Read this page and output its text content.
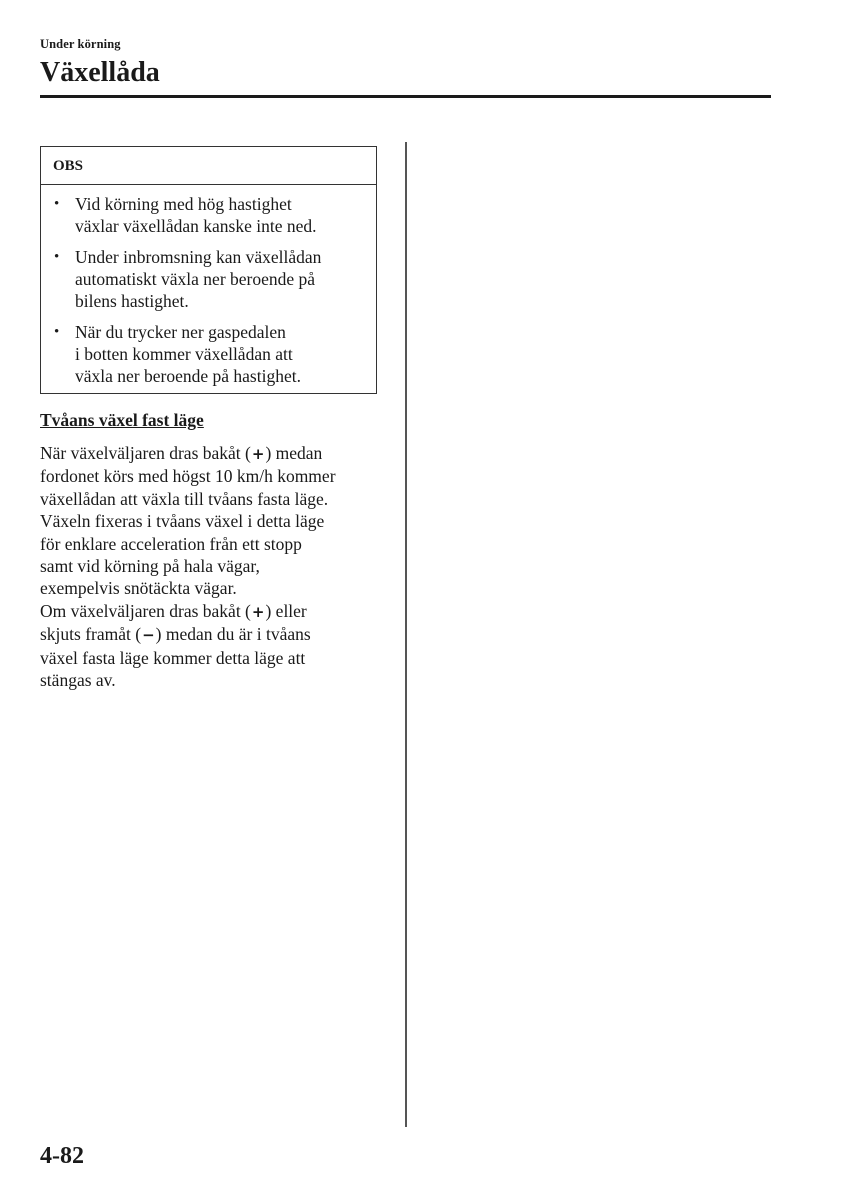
Under körning
Växellåda
OBS
• Vid körning med hög hastighet
växlar växellådan kanske inte ned.
• Under inbromsning kan växellådan
automatiskt växla ner beroende på
bilens hastighet.
• När du trycker ner gaspedalen
i botten kommer växellådan att
växla ner beroende på hastighet.
Tvåans växel fast läge

När växelväljaren dras bakåt (+) medan
fordonet körs med högst 10 km/h kommer
växellådan att växla till tvåans fasta läge.
Växeln fixeras i tvåans växel i detta läge
för enklare acceleration från ett stopp
samt vid körning på hala vägar,
exempelvis snötäckta vägar.
Om växelväljaren dras bakåt (+) eller
skjuts framåt (−) medan du är i tvåans
växel fasta läge kommer detta läge att
stängas av.

4-82
